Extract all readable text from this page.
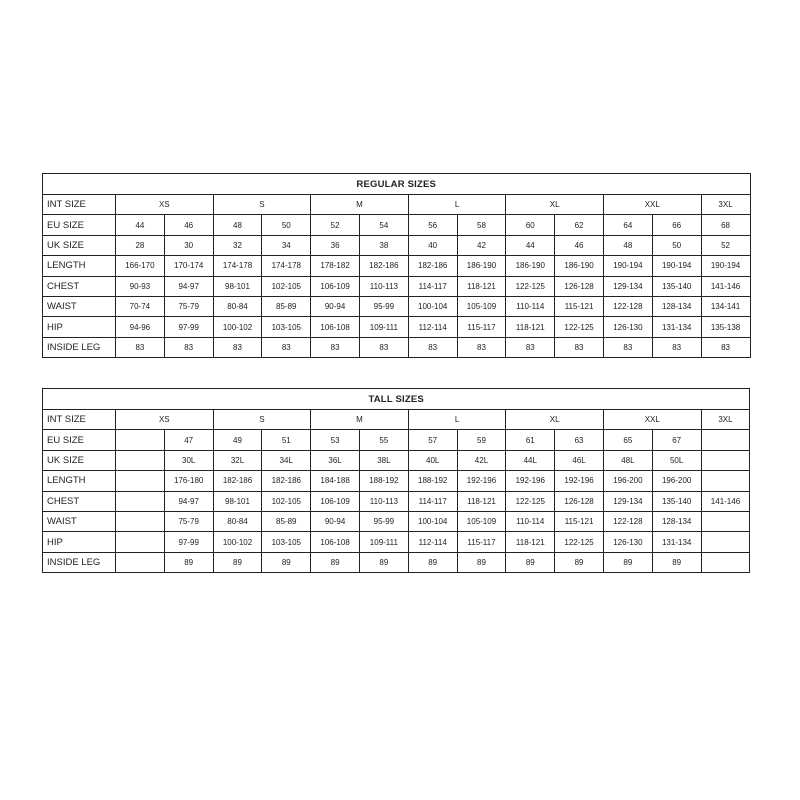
REGULAR SIZES													
INT SIZE	XS		S		M		L		XL		XXL		3XL
EU SIZE	44	46	48	50	52	54	56	58	60	62	64	66	68
UK SIZE	28	30	32	34	36	38	40	42	44	46	48	50	52
LENGTH	166-170	170-174	174-178	174-178	178-182	182-186	182-186	186-190	186-190	186-190	190-194	190-194	190-194
CHEST	90-93	94-97	98-101	102-105	106-109	110-113	114-117	118-121	122-125	126-128	129-134	135-140	141-146
WAIST	70-74	75-79	80-84	85-89	90-94	95-99	100-104	105-109	110-114	115-121	122-128	128-134	134-141
HIP	94-96	97-99	100-102	103-105	106-108	109-111	112-114	115-117	118-121	122-125	126-130	131-134	135-138
INSIDE LEG	83	83	83	83	83	83	83	83	83	83	83	83	83
TALL SIZES													
INT SIZE	XS		S		M		L		XL		XXL		3XL
EU SIZE		47	49	51	53	55	57	59	61	63	65	67	
UK SIZE		30L	32L	34L	36L	38L	40L	42L	44L	46L	48L	50L	
LENGTH		176-180	182-186	182-186	184-188	188-192	188-192	192-196	192-196	192-196	196-200	196-200	
CHEST		94-97	98-101	102-105	106-109	110-113	114-117	118-121	122-125	126-128	129-134	135-140	141-146
WAIST		75-79	80-84	85-89	90-94	95-99	100-104	105-109	110-114	115-121	122-128	128-134	
HIP		97-99	100-102	103-105	106-108	109-111	112-114	115-117	118-121	122-125	126-130	131-134	
INSIDE LEG		89	89	89	89	89	89	89	89	89	89	89	
